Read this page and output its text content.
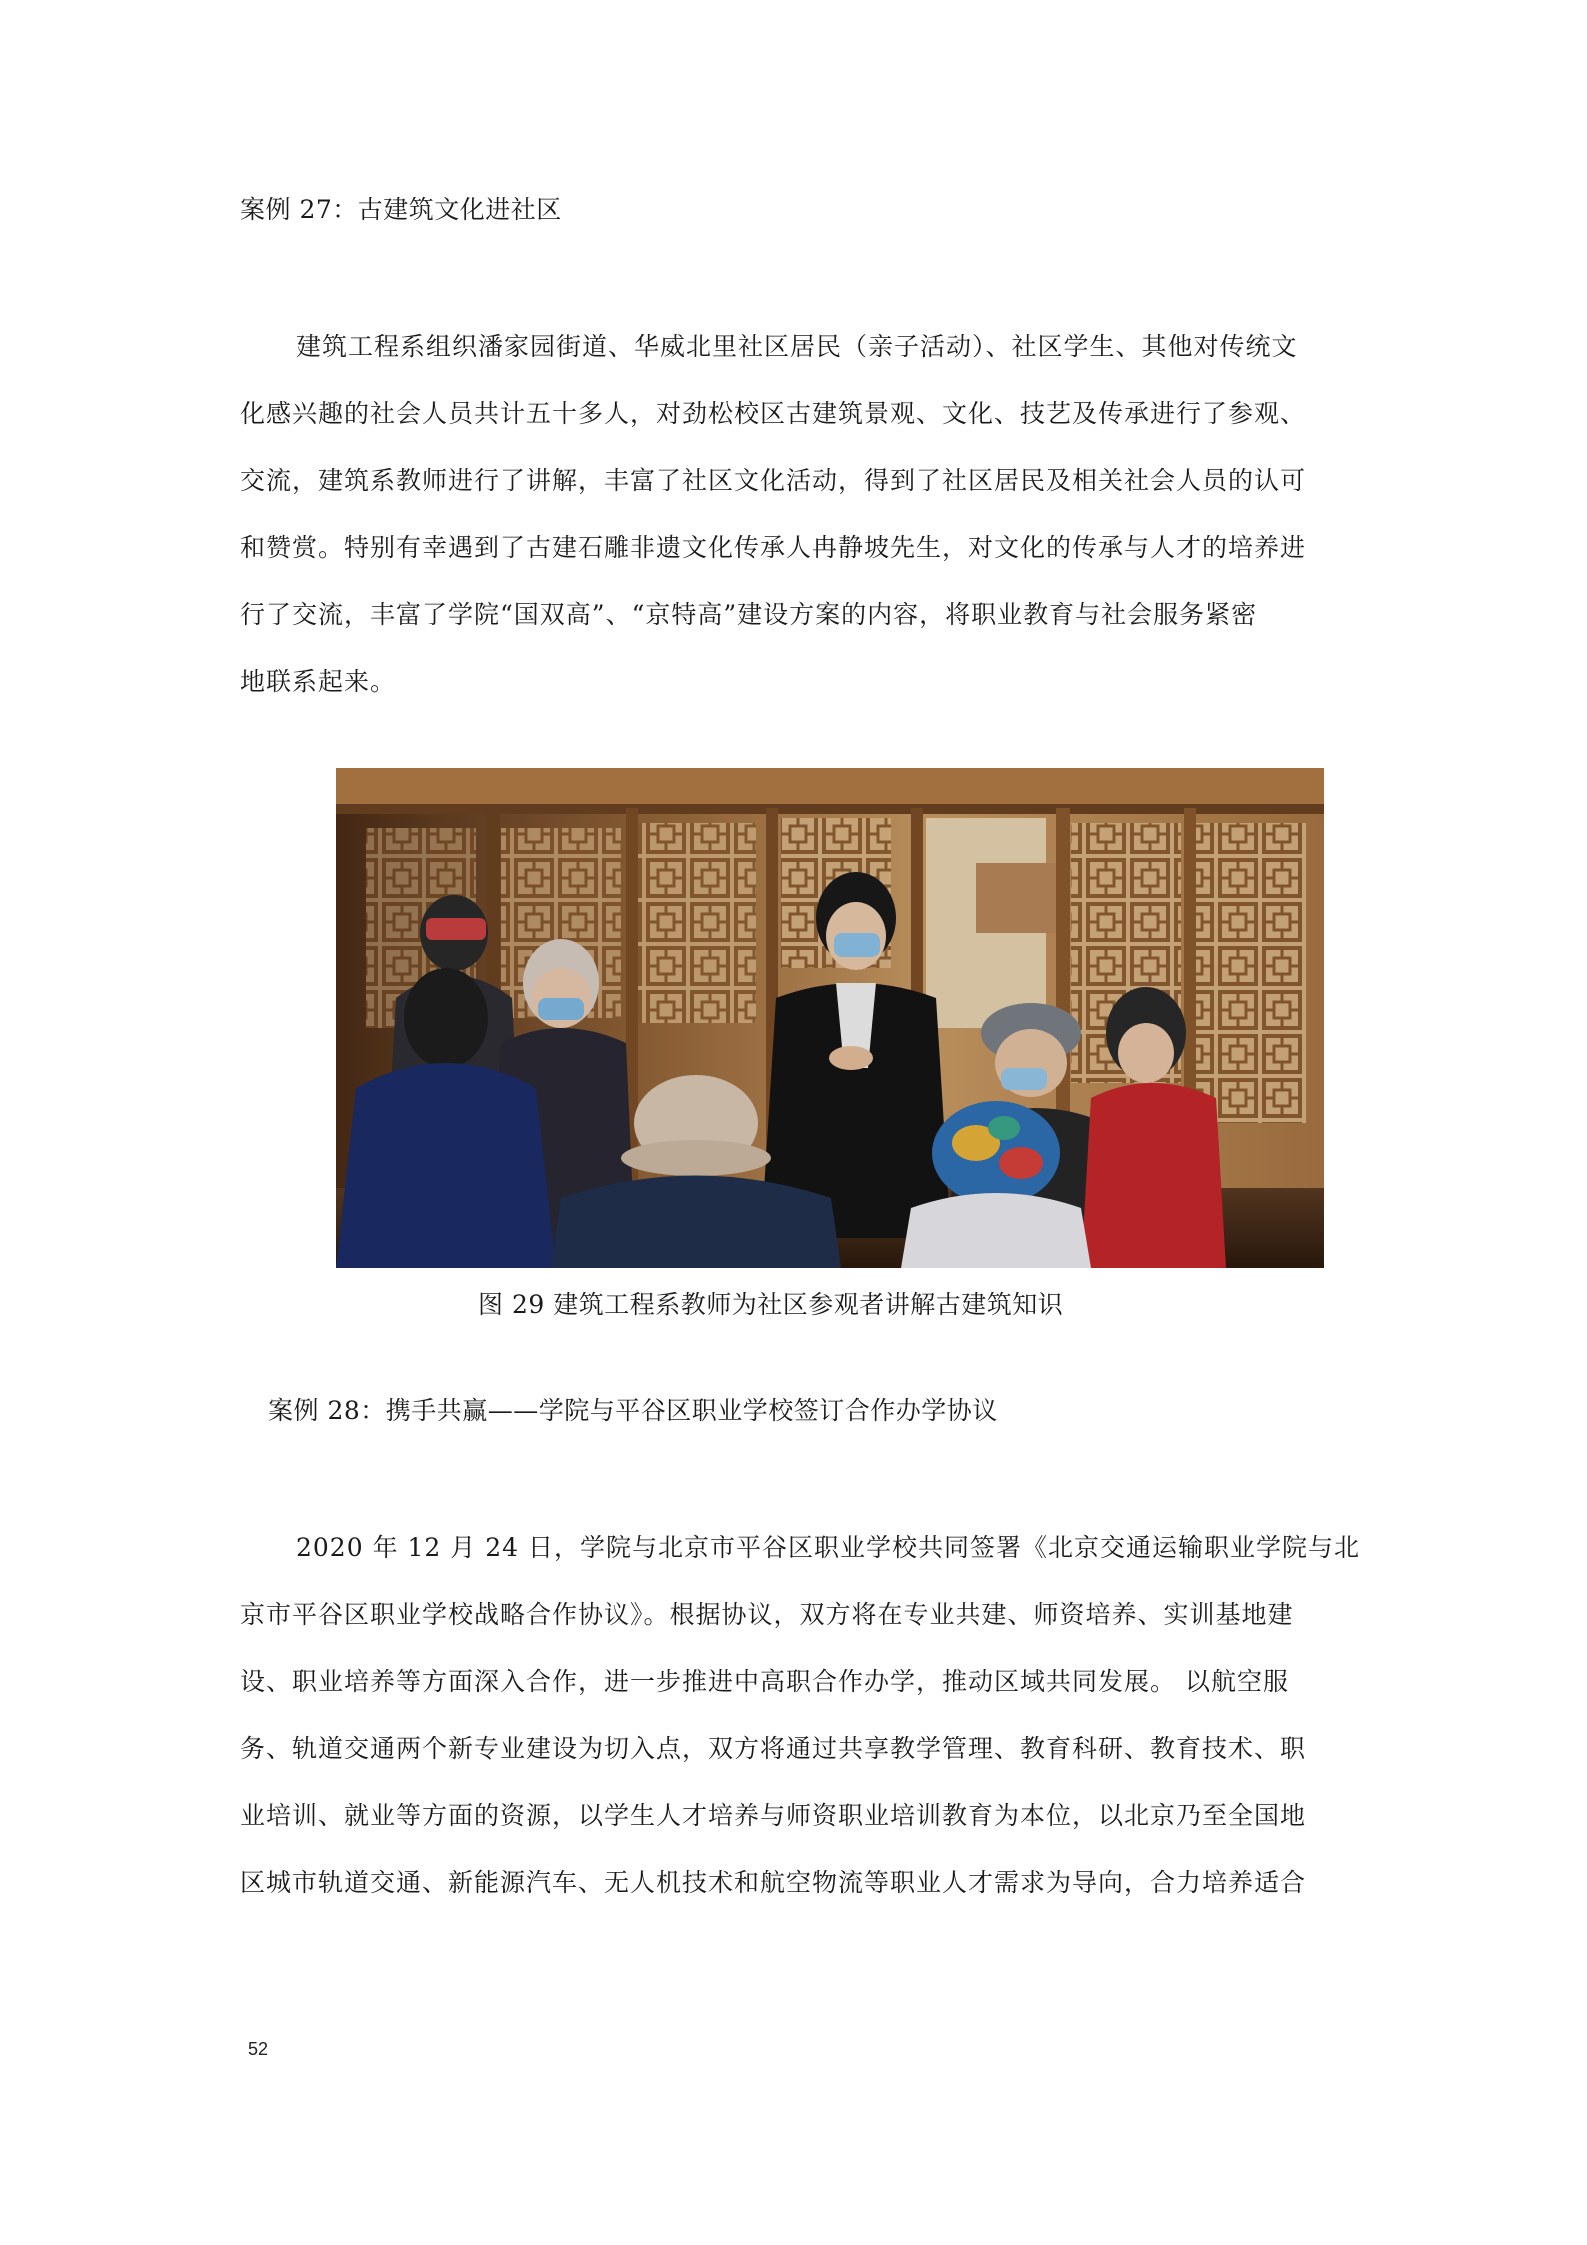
案例 27：古建筑文化进社区
建筑工程系组织潘家园街道、华威北里社区居民（亲子活动）、社区学生、其他对传统文
化感兴趣的社会人员共计五十多人，对劲松校区古建筑景观、文化、技艺及传承进行了参观、
交流，建筑系教师进行了讲解，丰富了社区文化活动，得到了社区居民及相关社会人员的认可
和赞赏。特别有幸遇到了古建石雕非遗文化传承人冉静坡先生，对文化的传承与人才的培养进
行了交流，丰富了学院“国双高”、“京特高”建设方案的内容，将职业教育与社会服务紧密
地联系起来。
图 29 建筑工程系教师为社区参观者讲解古建筑知识
案例 28：携手共赢——学院与平谷区职业学校签订合作办学协议
2020 年 12 月 24 日，学院与北京市平谷区职业学校共同签署《北京交通运输职业学院与北
京市平谷区职业学校战略合作协议》。根据协议，双方将在专业共建、师资培养、实训基地建
设、职业培养等方面深入合作，进一步推进中高职合作办学，推动区域共同发展。 以航空服
务、轨道交通两个新专业建设为切入点，双方将通过共享教学管理、教育科研、教育技术、职
业培训、就业等方面的资源，以学生人才培养与师资职业培训教育为本位，以北京乃至全国地
区城市轨道交通、新能源汽车、无人机技术和航空物流等职业人才需求为导向，合力培养适合
52
